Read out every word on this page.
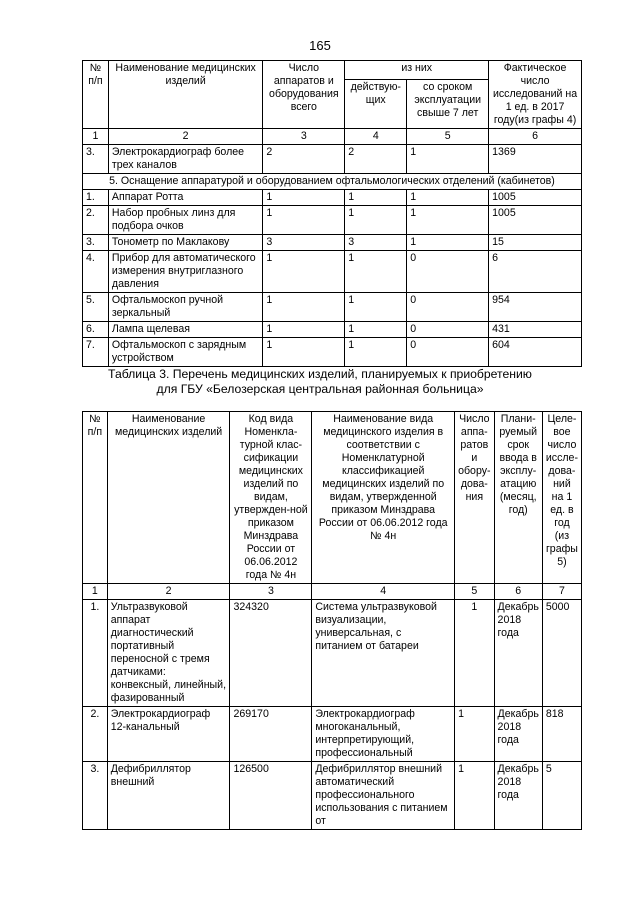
165
№ п/п	Наименование медицинских изделий	Число аппаратов и оборудования всего	из них		Фактическое число исследований на 1 ед. в 2017 году(из графы 4)
			действую-щих	со сроком эксплуатации свыше 7 лет	
1	2	3	4	5	6
3.	Электрокардиограф более трех каналов	2	2	1	1369
5. Оснащение аппаратурой и оборудованием офтальмологических отделений (кабинетов)					
1.	Аппарат Ротта	1	1	1	1005
2.	Набор пробных линз для подбора очков	1	1	1	1005
3.	Тонометр по Маклакову	3	3	1	15
4.	Прибор для автоматического измерения внутриглазного давления	1	1	0	6
5.	Офтальмоскоп ручной зеркальный	1	1	0	954
6.	Лампа щелевая	1	1	0	431
7.	Офтальмоскоп с зарядным устройством	1	1	0	604
Таблица 3. Перечень медицинских изделий, планируемых к приобретению
для ГБУ «Белозерская центральная районная больница»
№ п/п	Наименование медицинских изделий	Код вида Номенкла-турной клас-сификации медицинских изделий по видам, утвержден-ной приказом Минздрава России от 06.06.2012 года № 4н	Наименование вида медицинского изделия в соответствии с Номенклатурной классификацией медицинских изделий по видам, утвержденной приказом Минздрава России от 06.06.2012 года № 4н	Число аппа-ратов и обору-дова-ния	Плани-руемый срок ввода в эксплу-атацию (месяц, год)	Целе-вое число иссле-дова-ний на 1 ед. в год (из графы 5)
1	2	3	4	5	6	7
1.	Ультразвуковой аппарат диагностический портативный переносной с тремя датчиками: конвексный, линейный, фазированный	324320	Система ультразвуковой визуализации, универсальная, с питанием от батареи	1	Декабрь 2018 года	5000
2.	Электрокардиограф 12-канальный	269170	Электрокардиограф многоканальный, интерпретирующий, профессиональный	1	Декабрь 2018 года	818
3.	Дефибриллятор внешний	126500	Дефибриллятор внешний автоматический профессионального использования с питанием от	1	Декабрь 2018 года	5
